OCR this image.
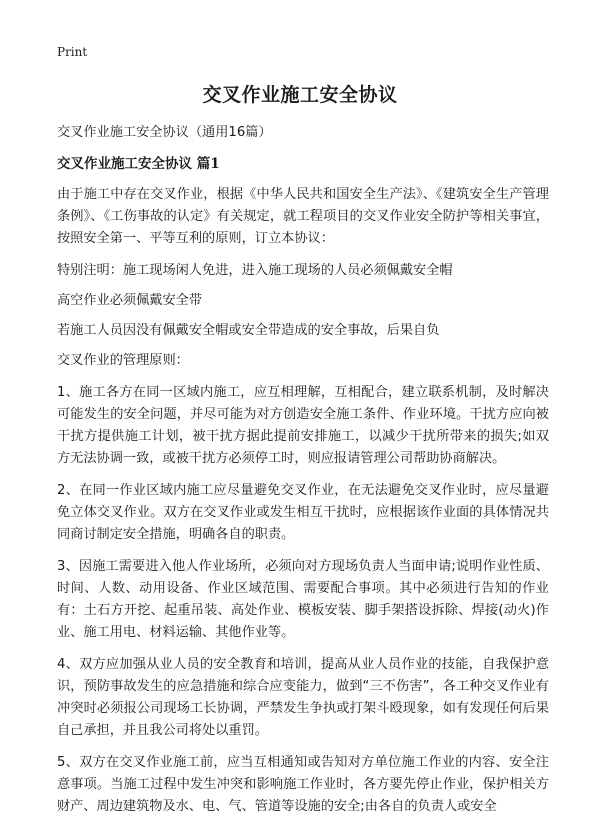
Print
交叉作业施工安全协议

交叉作业施工安全协议（通用16篇）

交叉作业施工安全协议 篇1

由于施工中存在交叉作业，根据《中华人民共和国安全生产法》、《建筑安全生产管理条例》、《工伤事故的认定》有关规定，就工程项目的交叉作业安全防护等相关事宜，按照安全第一、平等互利的原则，订立本协议：

特别注明：施工现场闲人免进，进入施工现场的人员必须佩戴安全帽

高空作业必须佩戴安全带

若施工人员因没有佩戴安全帽或安全带造成的安全事故，后果自负

交叉作业的管理原则：

1、施工各方在同一区域内施工，应互相理解，互相配合，建立联系机制，及时解决可能发生的安全问题，并尽可能为对方创造安全施工条件、作业环境。干扰方应向被干扰方提供施工计划，被干扰方据此提前安排施工，以减少干扰所带来的损失;如双方无法协调一致，或被干扰方必须停工时，则应报请管理公司帮助协商解决。

2、在同一作业区域内施工应尽量避免交叉作业，在无法避免交叉作业时，应尽量避免立体交叉作业。双方在交叉作业或发生相互干扰时，应根据该作业面的具体情况共同商讨制定安全措施，明确各自的职责。

3、因施工需要进入他人作业场所，必须向对方现场负责人当面申请;说明作业性质、时间、人数、动用设备、作业区域范围、需要配合事项。其中必须进行告知的作业有：土石方开挖、起重吊装、高处作业、模板安装、脚手架搭设拆除、焊接(动火)作业、施工用电、材料运输、其他作业等。

4、双方应加强从业人员的安全教育和培训，提高从业人员作业的技能，自我保护意识，预防事故发生的应急措施和综合应变能力，做到“三不伤害”，各工种交叉作业有冲突时必须报公司现场工长协调，严禁发生争执或打架斗殴现象，如有发现任何后果自己承担，并且我公司将处以重罚。

5、双方在交叉作业施工前，应当互相通知或告知对方单位施工作业的内容、安全注意事项。当施工过程中发生冲突和影响施工作业时，各方要先停止作业，保护相关方财产、周边建筑物及水、电、气、管道等设施的安全;由各自的负责人或安全
